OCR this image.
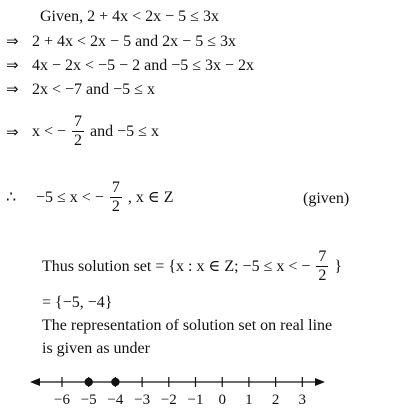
Given, 2 + 4x < 2x − 5 ≤ 3x
⇒ 2 + 4x < 2x − 5 and 2x − 5 ≤ 3x
⇒ 4x − 2x < −5 − 2 and −5 ≤ 3x − 2x
⇒ 2x < −7 and −5 ≤ x
⇒ x < − $\frac{7}{2}$ and −5 ≤ x
∴ −5 ≤ x < − $\frac{7}{2}$ , x ∈ Z	(given)
Thus solution set = {x : x ∈ Z; −5 ≤ x < − $\frac{7}{2}$ }
= {−5, −4}
The representation of solution set on real line
is given as under
−6 −5 −4 −3 −2 −1 0 1 2 3
